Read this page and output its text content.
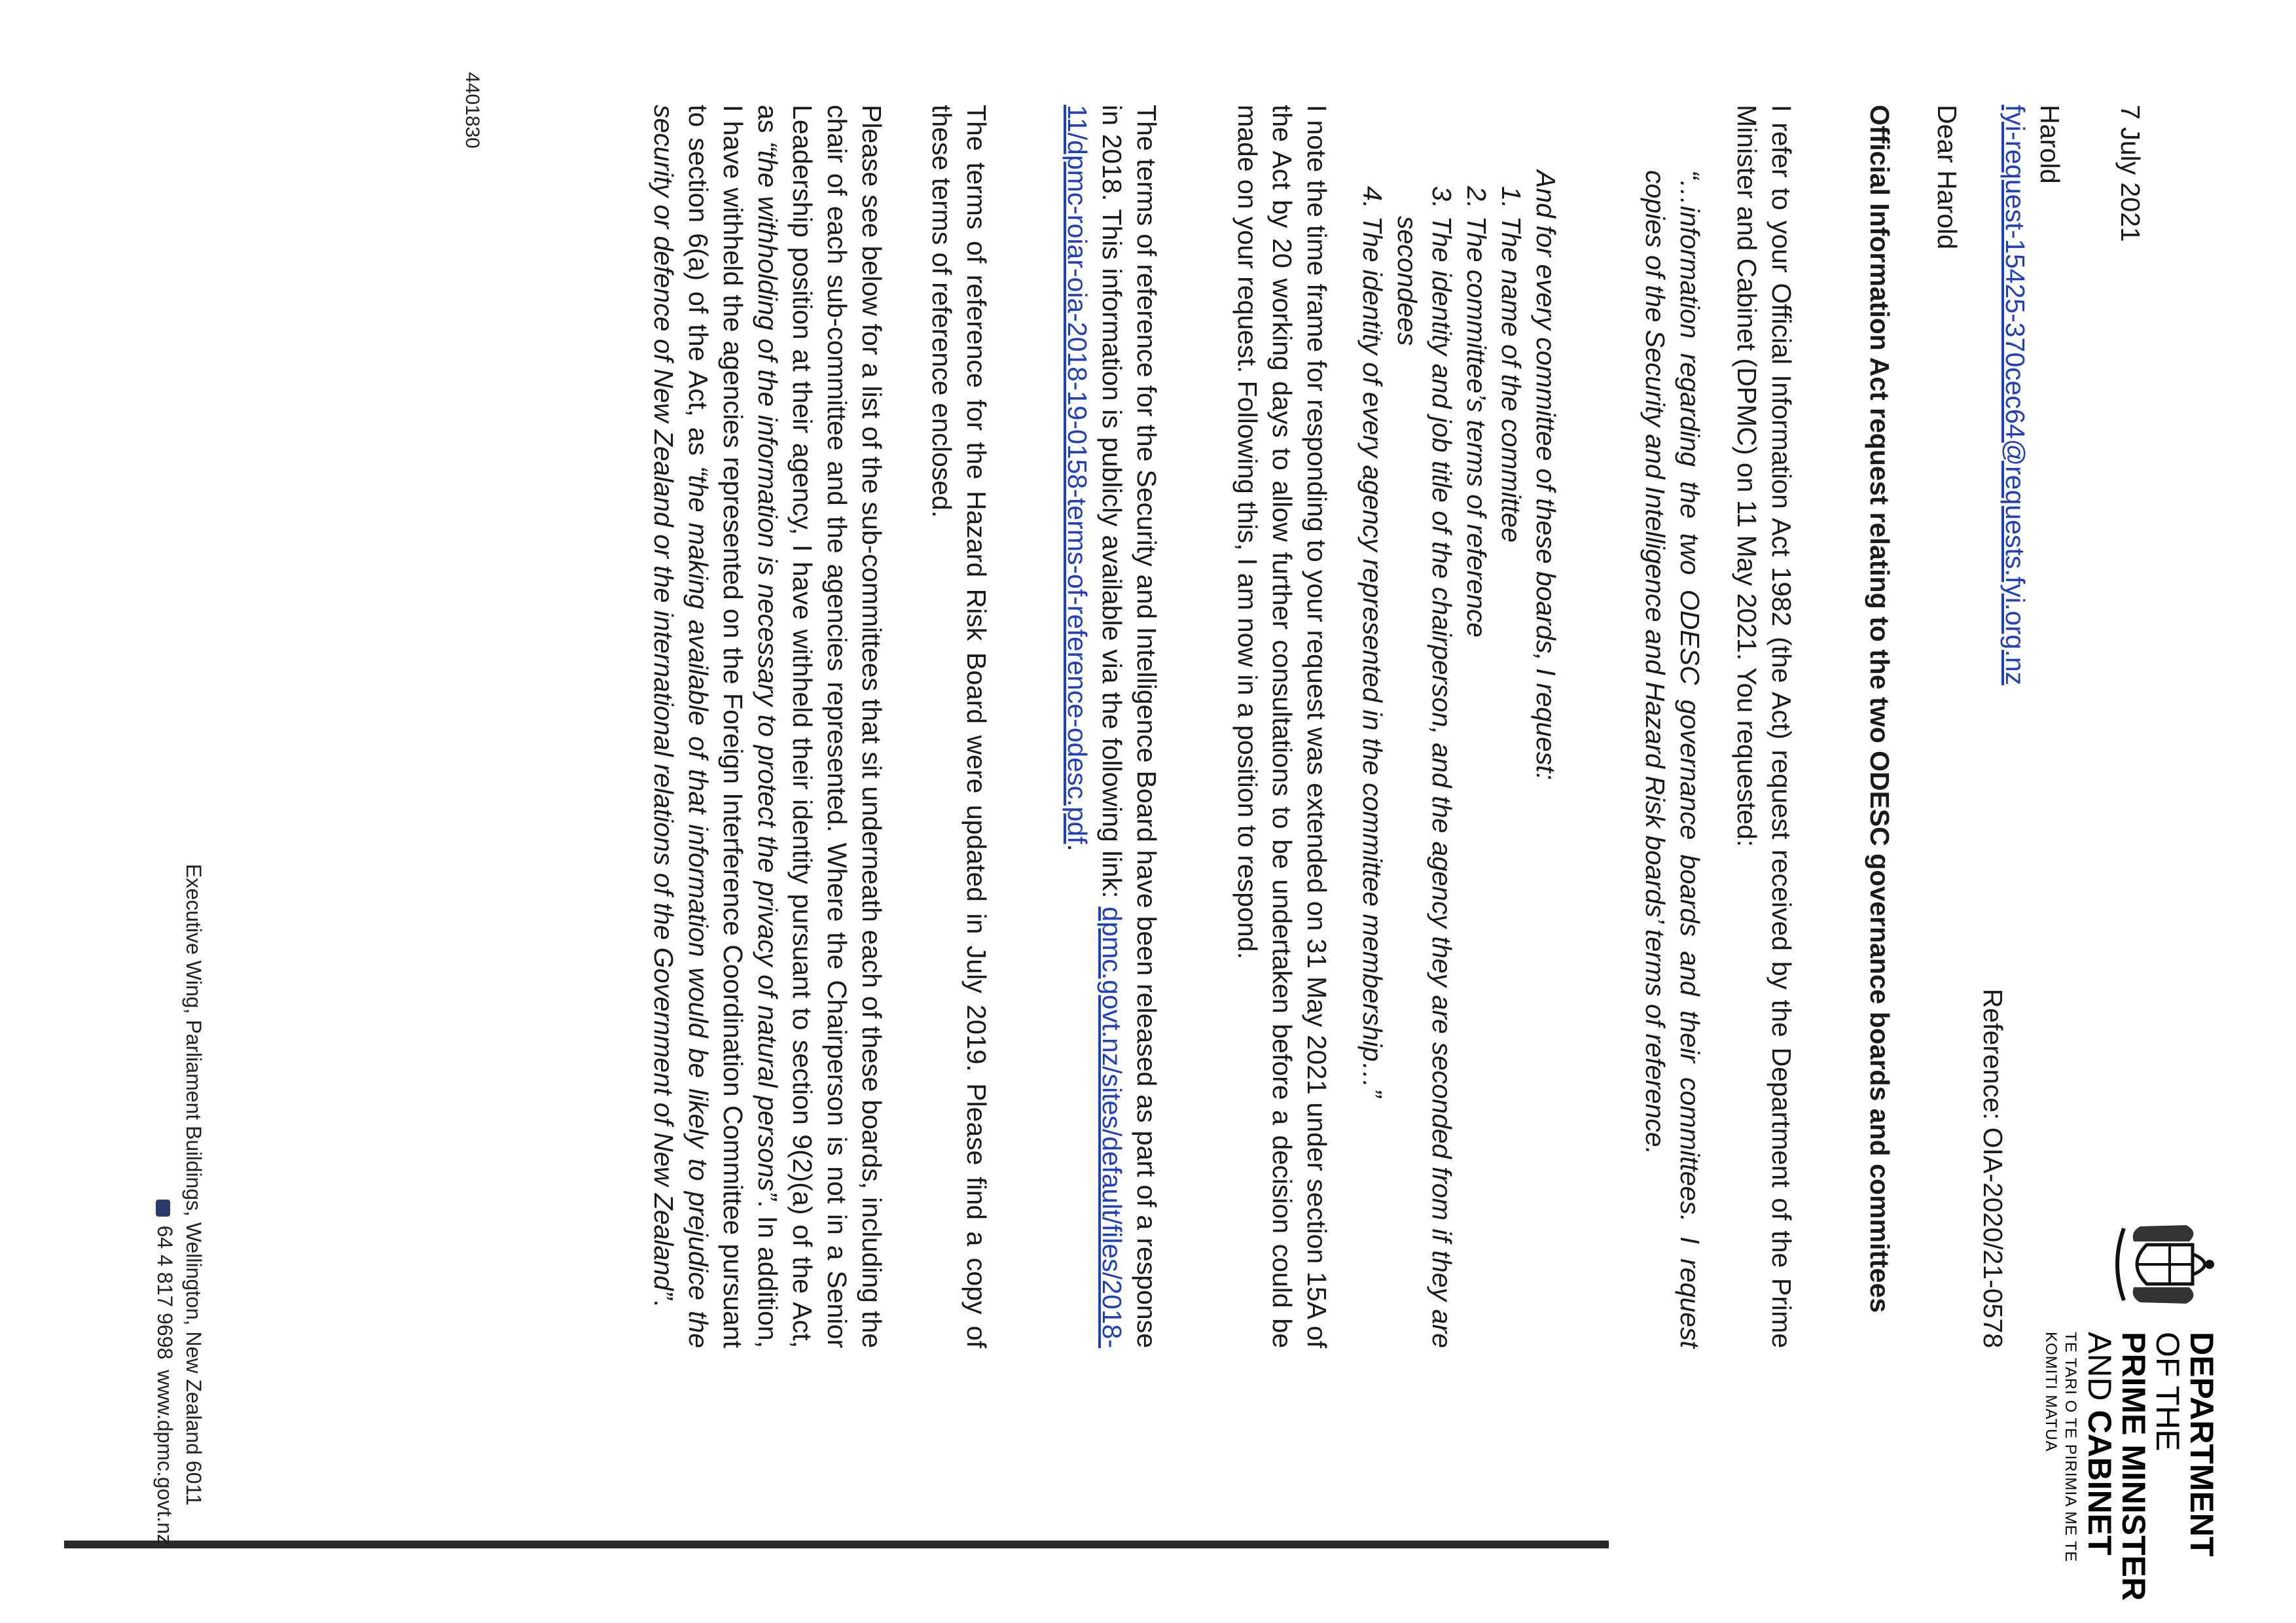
DEPARTMENT OF THE
PRIME MINISTER AND CABINET
TE TARI O TE PIRIMIA ME TE KOMITI MATUA
7 July 2021
Harold
fyi-request-15425-370cec64@requests.fyi.org.nz
Reference: OIA-2020/21-0578
Dear Harold
Official Information Act request relating to the two ODESC governance boards and committees
I refer to your Official Information Act 1982 (the Act) request received by the Department of the Prime Minister and Cabinet (DPMC) on 11 May 2021. You requested:
“…information regarding the two ODESC governance boards and their committees. I request copies of the Security and Intelligence and Hazard Risk boards’ terms of reference.
And for every committee of these boards, I request:
1. The name of the committee
2. The committee’s terms of reference
3. The identity and job title of the chairperson, and the agency they are seconded from if they are secondees
4. The identity of every agency represented in the committee membership…”
I note the time frame for responding to your request was extended on 31 May 2021 under section 15A of the Act by 20 working days to allow further consultations to be undertaken before a decision could be made on your request. Following this, I am now in a position to respond.
The terms of reference for the Security and Intelligence Board have been released as part of a response in 2018. This information is publicly available via the following link: dpmc.govt.nz/sites/default/files/2018-11/dpmc-roiar-oia-2018-19-0158-terms-of-reference-odesc.pdf.
The terms of reference for the Hazard Risk Board were updated in July 2019. Please find a copy of these terms of reference enclosed.
Please see below for a list of the sub-committees that sit underneath each of these boards, including the chair of each sub-committee and the agencies represented. Where the Chairperson is not in a Senior Leadership position at their agency, I have withheld their identity pursuant to section 9(2)(a) of the Act, as “the withholding of the information is necessary to protect the privacy of natural persons”. In addition, I have withheld the agencies represented on the Foreign Interference Coordination Committee pursuant to section 6(a) of the Act, as “the making available of that information would be likely to prejudice the security or defence of New Zealand or the international relations of the Government of New Zealand”.
4401830
Executive Wing, Parliament Buildings, Wellington, New Zealand 6011
64 4 817 9698www.dpmc.govt.nz
